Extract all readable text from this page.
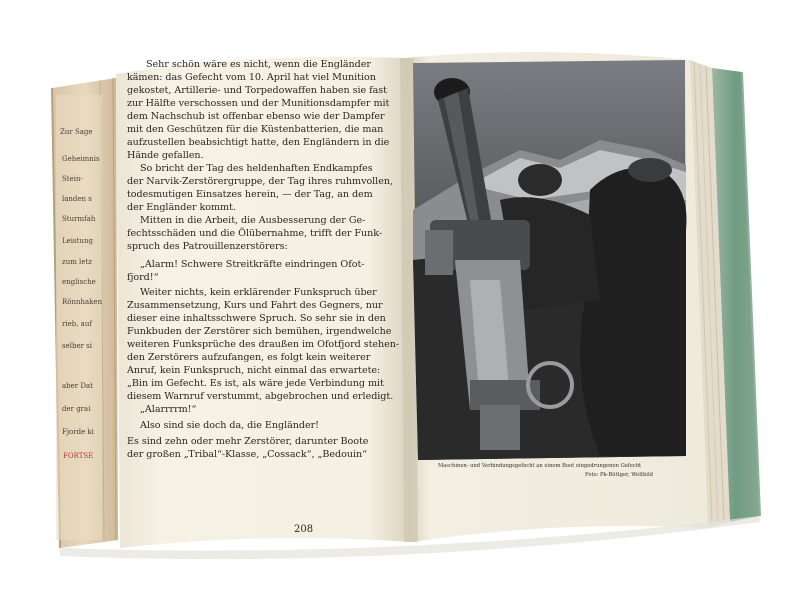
Sehr schön wäre es nicht, wenn die Engländer
kämen: das Gefecht vom 10. April hat viel Munition
gekostet, Artillerie- und Torpedowaffen haben sie fast
zur Hälfte verschossen und der Munitionsdampfer mit
dem Nachschub ist offenbar ebenso wie der Dampfer
mit den Geschützen für die Küstenbatterien, die man
aufzustellen beabsichtigt hatte, den Engländern in die
Hände gefallen.
So bricht der Tag des heldenhaften Endkampfes
der Narvik-Zerstörergruppe, der Tag ihres ruhmvollen,
todesmutigen Einsatzes herein, — der Tag, an dem
der Engländer kommt.
Mitten in die Arbeit, die Ausbesserung der Ge-
fechtsschäden und die Ölübernahme, trifft der Funk-
spruch des Patrouillenzerstörers:
„Alarm! Schwere Streitkräfte eindringen Ofot-
fjord!“
Weiter nichts, kein erklärender Funkspruch über
Zusammensetzung, Kurs und Fahrt des Gegners, nur
dieser eine inhaltsschwere Spruch. So sehr sie in den
Funkbuden der Zerstörer sich bemühen, irgendwelche
weiteren Funksprüche des draußen im Ofotfjord stehen-
den Zerstörers aufzufangen, es folgt kein weiterer
Anruf, kein Funkspruch, nicht einmal das erwartete:
„Bin im Gefecht. Es ist, als wäre jede Verbindung mit
diesem Warnruf verstummt, abgebrochen und erledigt.
„Alarrrrm!“
Also sind sie doch da, die Engländer!
Es sind zehn oder mehr Zerstörer, darunter Boote
der großen „Tribal“-Klasse, „Cossack“, „Bedouin“
208
Maschinen- und Verbindungsgefecht an einem Boot eingedrungenen Gefecht
Foto: Pk-Büttger, Weltbild
Zur Sage
Geheimnis
Stein-
landen s
Sturmfah
Leistung
zum letz
englische
Rönnhaken
rieb, auf
selber si
aber Dat
der grai
Fjorde ki
FORTSE
